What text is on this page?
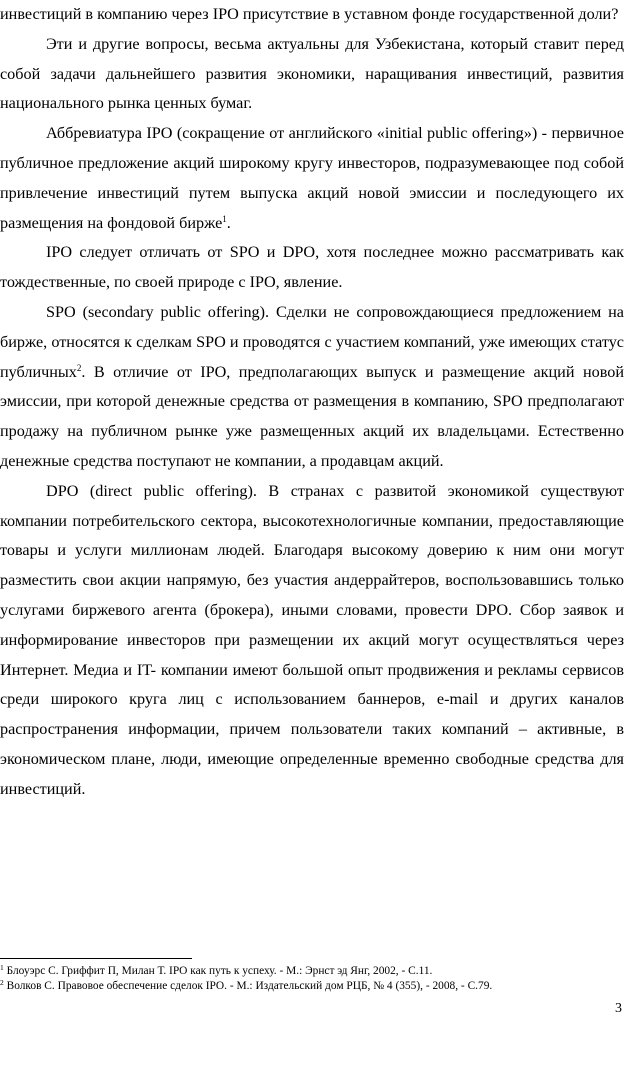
инвестиций в компанию через IPO присутствие в уставном фонде государственной доли?

Эти и другие вопросы, весьма актуальны для Узбекистана, который ставит перед собой задачи дальнейшего развития экономики, наращивания инвестиций, развития национального рынка ценных бумаг.

Аббревиатура IPO (сокращение от английского «initial public offering») - первичное публичное предложение акций широкому кругу инвесторов, подразумевающее под собой привлечение инвестиций путем выпуска акций новой эмиссии и последующего их размещения на фондовой бирже$^1$.

IPO следует отличать от SPO и DPO, хотя последнее можно рассматривать как тождественные, по своей природе с IPO, явление.

SPO (secondary public offering). Сделки не сопровождающиеся предложением на бирже, относятся к сделкам SPO и проводятся с участием компаний, уже имеющих статус публичных$^2$. В отличие от IPO, предполагающих выпуск и размещение акций новой эмиссии, при которой денежные средства от размещения в компанию, SPO предполагают продажу на публичном рынке уже размещенных акций их владельцами. Естественно денежные средства поступают не компании, а продавцам акций.

DPO (direct public offering). В странах с развитой экономикой существуют компании потребительского сектора, высокотехнологичные компании, предоставляющие товары и услуги миллионам людей. Благодаря высокому доверию к ним они могут разместить свои акции напрямую, без участия андеррайтеров, воспользовавшись только услугами биржевого агента (брокера), иными словами, провести DPO. Сбор заявок и информирование инвесторов при размещении их акций могут осуществляться через Интернет. Медиа и IT- компании имеют большой опыт продвижения и рекламы сервисов среди широкого круга лиц с использованием баннеров, e-mail и других каналов распространения информации, причем пользователи таких компаний – активные, в экономическом плане, люди, имеющие определенные временно свободные средства для инвестиций.

$^1$ Блоуэрс С. Гриффит П, Милан Т. IPO как путь к успеху. - М.: Эрнст эд Янг, 2002, - С.11.

$^2$ Волков С. Правовое обеспечение сделок IPO. - М.: Издательский дом РЦБ, № 4 (355), - 2008, - С.79.

3
